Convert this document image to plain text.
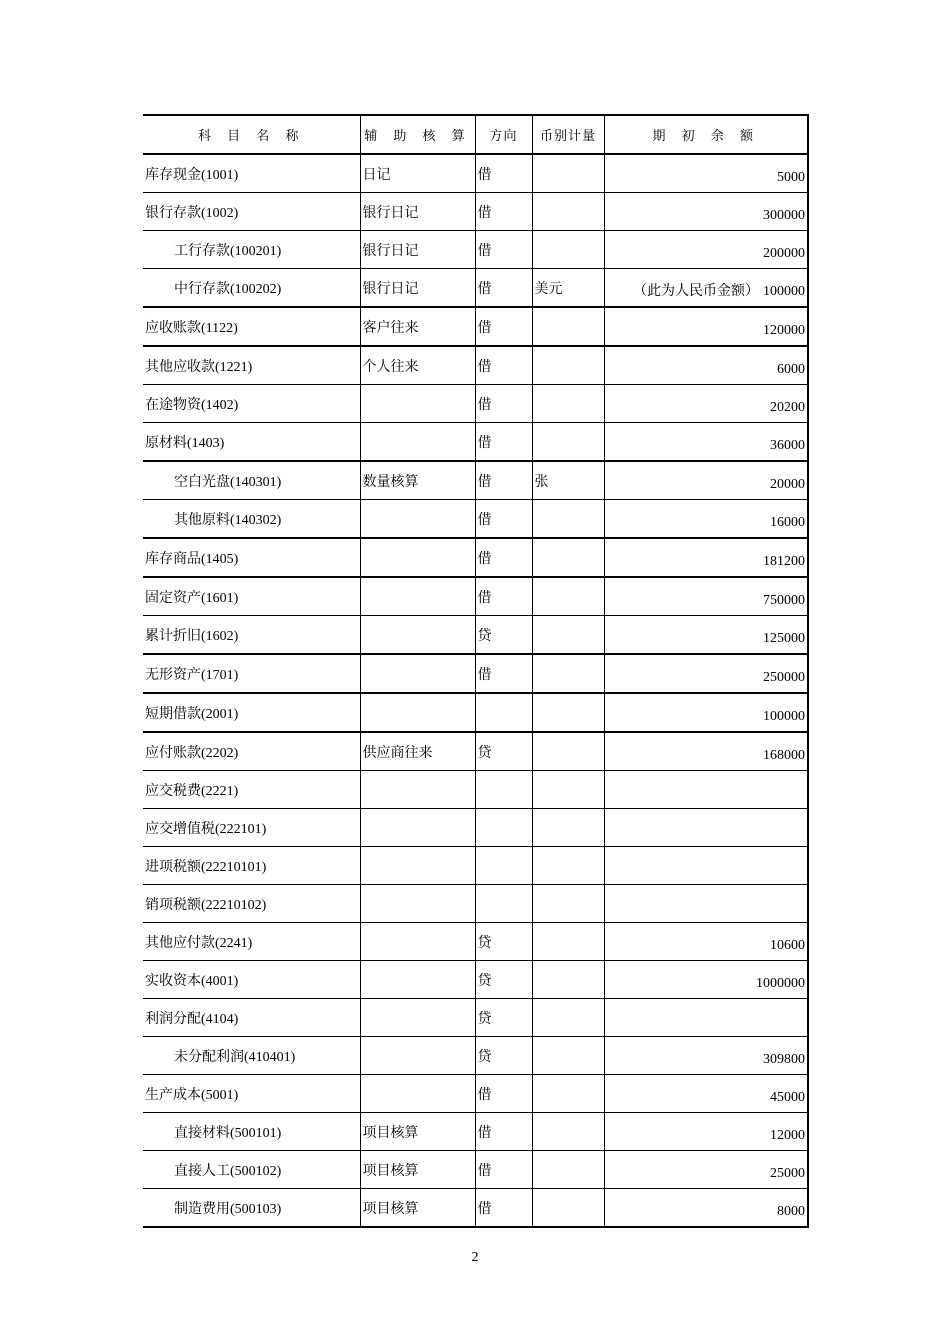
科 目 名 称	辅 助 核 算	方向	币别计量	期 初 余 额
库存现金(1001)	日记	借		5000
银行存款(1002)	银行日记	借		300000
工行存款(100201)	银行日记	借		200000
中行存款(100202)	银行日记	借	美元	（此为人民币金额） 100000
应收账款(1122)	客户往来	借		120000
其他应收款(1221)	个人往来	借		6000
在途物资(1402)		借		20200
原材料(1403)		借		36000
空白光盘(140301)	数量核算	借	张	20000
其他原料(140302)		借		16000
库存商品(1405)		借		181200
固定资产(1601)		借		750000
累计折旧(1602)		贷		125000
无形资产(1701)		借		250000
短期借款(2001)				100000
应付账款(2202)	供应商往来	贷		168000
应交税费(2221)				
应交增值税(222101)				
进项税额(22210101)				
销项税额(22210102)				
其他应付款(2241)		贷		10600
实收资本(4001)		贷		1000000
利润分配(4104)		贷		
未分配利润(410401)		贷		309800
生产成本(5001)		借		45000
直接材料(500101)	项目核算	借		12000
直接人工(500102)	项目核算	借		25000
制造费用(500103)	项目核算	借		8000
2
